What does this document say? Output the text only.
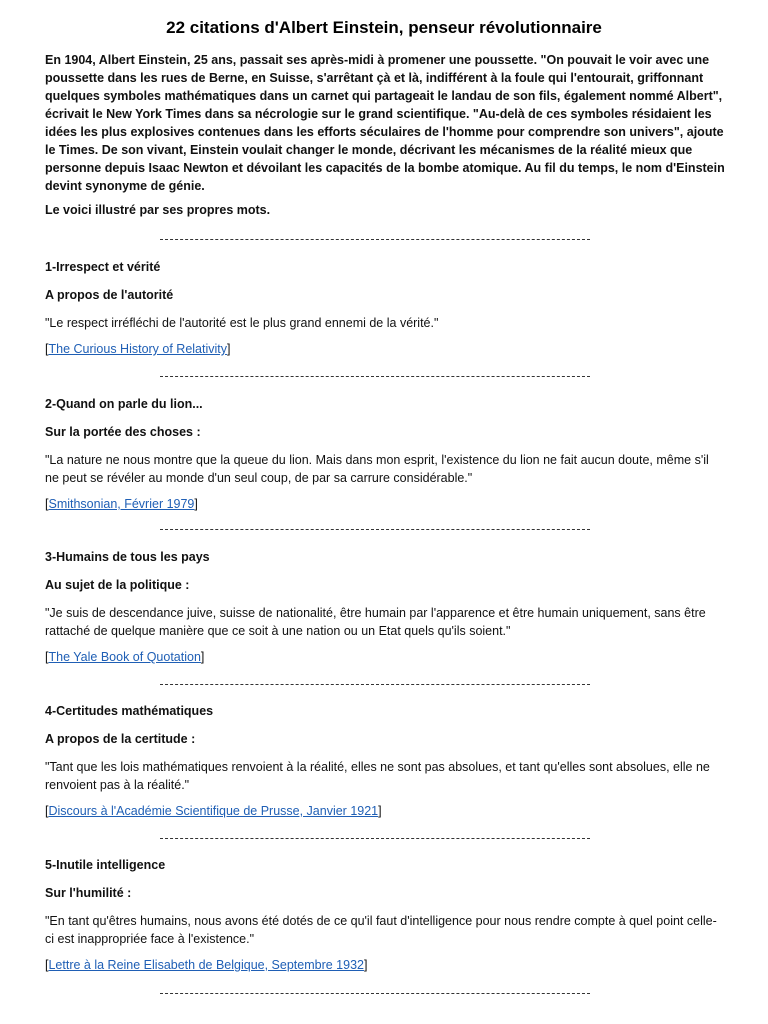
22 citations d'Albert Einstein, penseur révolutionnaire

En 1904, Albert Einstein, 25 ans, passait ses après-midi à promener une poussette. "On pouvait le voir avec une poussette dans les rues de Berne, en Suisse, s'arrêtant çà et là, indifférent à la foule qui l'entourait, griffonnant quelques symboles mathématiques dans un carnet qui partageait le landau de son fils, également nommé Albert", écrivait le New York Times dans sa nécrologie sur le grand scientifique. "Au-delà de ces symboles résidaient les idées les plus explosives contenues dans les efforts séculaires de l'homme pour comprendre son univers", ajoute le Times. De son vivant, Einstein voulait changer le monde, décrivant les mécanismes de la réalité mieux que personne depuis Isaac Newton et dévoilant les capacités de la bombe atomique. Au fil du temps, le nom d'Einstein devint synonyme de génie.

Le voici illustré par ses propres mots.

1-Irrespect et vérité

A propos de l'autorité

"Le respect irréfléchi de l'autorité est le plus grand ennemi de la vérité."

[The Curious History of Relativity]

2-Quand on parle du lion...

Sur la portée des choses :

"La nature ne nous montre que la queue du lion. Mais dans mon esprit, l'existence du lion ne fait aucun doute, même s'il ne peut se révéler au monde d'un seul coup, de par sa carrure considérable."

[Smithsonian, Février 1979]

3-Humains de tous les pays

Au sujet de la politique :

"Je suis de descendance juive, suisse de nationalité, être humain par l'apparence et être humain uniquement, sans être rattaché de quelque manière que ce soit à une nation ou un Etat quels qu'ils soient."

[The Yale Book of Quotation]

4-Certitudes mathématiques

A propos de la certitude :

"Tant que les lois mathématiques renvoient à la réalité, elles ne sont pas absolues, et tant qu'elles sont absolues, elle ne renvoient pas à la réalité."

[Discours à l'Académie Scientifique de Prusse, Janvier 1921]

5-Inutile intelligence

Sur l'humilité :

"En tant qu'êtres humains, nous avons été dotés de ce qu'il faut d'intelligence pour nous rendre compte à quel point celle-ci est inappropriée face à l'existence."

[Lettre à la Reine Elisabeth de Belgique, Septembre 1932]
